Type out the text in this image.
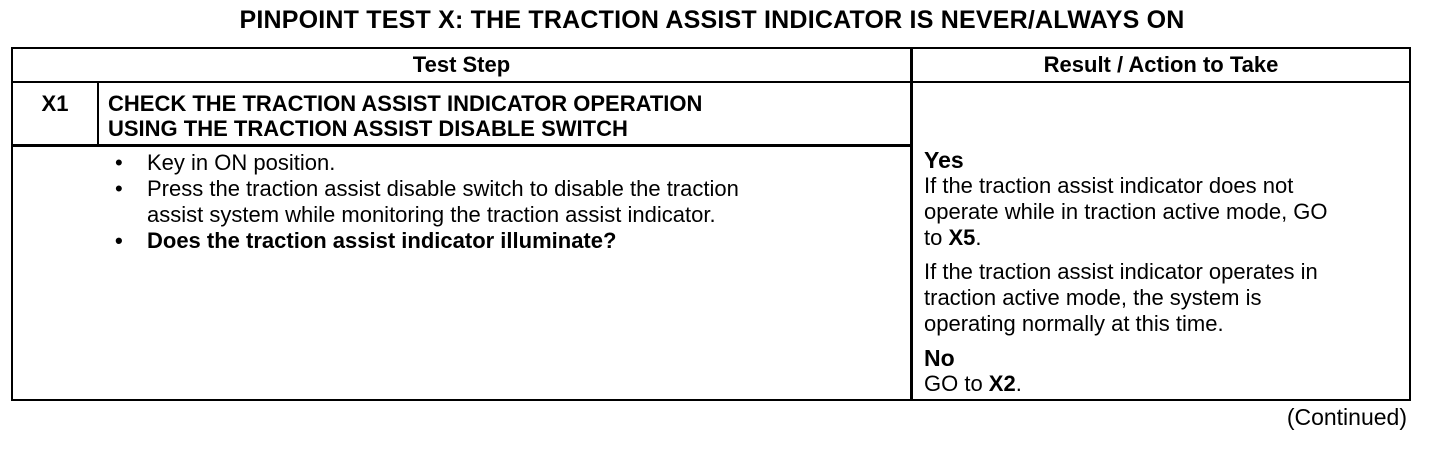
PINPOINT TEST X: THE TRACTION ASSIST INDICATOR IS NEVER/ALWAYS ON
Test Step	Result / Action to Take
X1	CHECK THE TRACTION ASSIST INDICATOR OPERATION
USING THE TRACTION ASSIST DISABLE SWITCH
• Key in ON position.
• Press the traction assist disable switch to disable the traction
assist system while monitoring the traction assist indicator.
• Does the traction assist indicator illuminate?
Yes
If the traction assist indicator does not
operate while in traction active mode, GO
to X5.
If the traction assist indicator operates in
traction active mode, the system is
operating normally at this time.
No
GO to X2.
(Continued)
